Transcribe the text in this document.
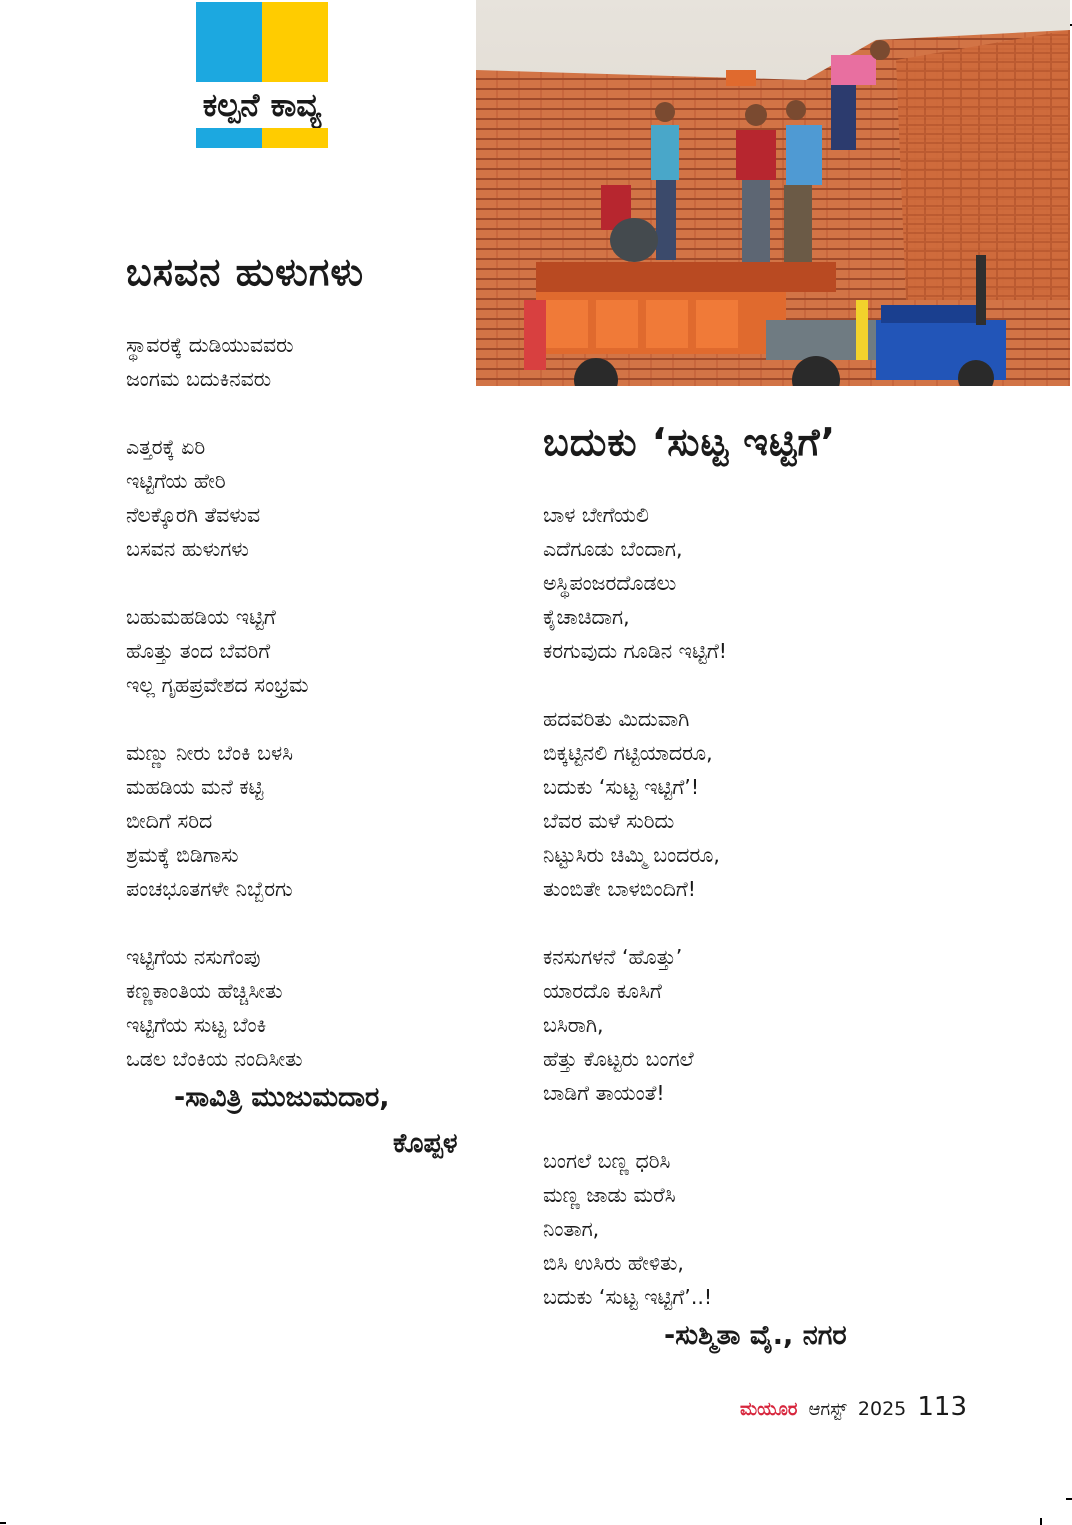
ಕಲ್ಪನೆ ಕಾವ್ಯ
ಬಸವನ ಹುಳುಗಳು
ಸ್ಥಾವರಕ್ಕೆ ದುಡಿಯುವವರು
ಜಂಗಮ ಬದುಕಿನವರು
ಎತ್ತರಕ್ಕೆ ಏರಿ
ಇಟ್ಟಿಗೆಯ ಹೇರಿ
ನೆಲಕ್ಕೊರಗಿ ತೆವಳುವ
ಬಸವನ ಹುಳುಗಳು
ಬಹುಮಹಡಿಯ ಇಟ್ಟಿಗೆ
ಹೊತ್ತು ತಂದ ಬೆವರಿಗೆ
ಇಲ್ಲ ಗೃಹಪ್ರವೇಶದ ಸಂಭ್ರಮ
ಮಣ್ಣು ನೀರು ಬೆಂಕಿ ಬಳಸಿ
ಮಹಡಿಯ ಮನೆ ಕಟ್ಟಿ
ಬೀದಿಗೆ ಸರಿದ
ಶ್ರಮಕ್ಕೆ ಬಿಡಿಗಾಸು
ಪಂಚಭೂತಗಳೇ ನಿಬ್ಬೆರಗು
ಇಟ್ಟಿಗೆಯ ನಸುಗೆಂಪು
ಕಣ್ಣಕಾಂತಿಯ ಹೆಚ್ಚಿಸೀತು
ಇಟ್ಟಿಗೆಯ ಸುಟ್ಟ ಬೆಂಕಿ
ಒಡಲ ಬೆಂಕಿಯ ನಂದಿಸೀತು
-ಸಾವಿತ್ರಿ ಮುಜುಮದಾರ,
ಕೊಪ್ಪಳ
ಬದುಕು ‘ಸುಟ್ಟ ಇಟ್ಟಿಗೆ’
ಬಾಳ ಬೇಗೆಯಲಿ
ಎದೆಗೂಡು ಬೆಂದಾಗ,
ಅಸ್ಥಿಪಂಜರದೊಡಲು
ಕೈಚಾಚಿದಾಗ,
ಕರಗುವುದು ಗೂಡಿನ ಇಟ್ಟಿಗೆ!
ಹದವರಿತು ಮಿದುವಾಗಿ
ಬಿಕ್ಕಟ್ಟಿನಲಿ ಗಟ್ಟಿಯಾದರೂ,
ಬದುಕು ‘ಸುಟ್ಟ ಇಟ್ಟಿಗೆ’!
ಬೆವರ ಮಳೆ ಸುರಿದು
ನಿಟ್ಟುಸಿರು ಚಿಮ್ಮಿ ಬಂದರೂ,
ತುಂಬಿತೇ ಬಾಳಬಿಂದಿಗೆ!
ಕನಸುಗಳನೆ ‘ಹೊತ್ತು’
ಯಾರದೊ ಕೂಸಿಗೆ
ಬಸಿರಾಗಿ,
ಹೆತ್ತು ಕೊಟ್ಟರು ಬಂಗಲೆ
ಬಾಡಿಗೆ ತಾಯಂತೆ!
ಬಂಗಲೆ ಬಣ್ಣ ಧರಿಸಿ
ಮಣ್ಣ ಜಾಡು ಮರೆಸಿ
ನಿಂತಾಗ,
ಬಿಸಿ ಉಸಿರು ಹೇಳಿತು,
ಬದುಕು ‘ಸುಟ್ಟ ಇಟ್ಟಿಗೆ’..!
-ಸುಶ್ಮಿತಾ ವೈ., ನಗರ
ಮಯೂರ ಆಗಸ್ಟ್ 2025 113
